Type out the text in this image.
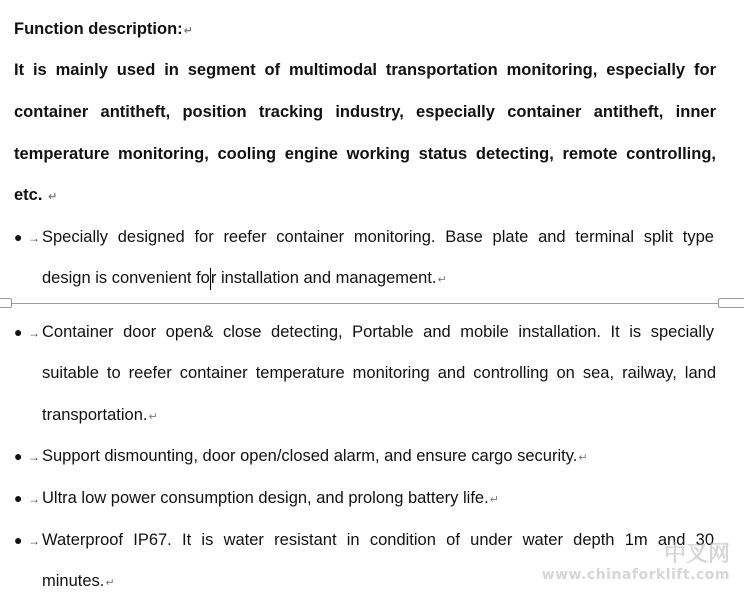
Function description:↵
It is mainly used in segment of multimodal transportation monitoring, especially for
container antitheft, position tracking industry, especially container antitheft, inner
temperature monitoring, cooling engine working status detecting, remote controlling,
etc. ↵
● → Specially designed for reefer container monitoring. Base plate and terminal split type
design is convenient for installation and management.↵
● → Container door open& close detecting, Portable and mobile installation. It is specially
suitable to reefer container temperature monitoring and controlling on sea, railway, land
transportation.↵
● → Support dismounting, door open/closed alarm, and ensure cargo security.↵
● → Ultra low power consumption design, and prolong battery life.↵
● → Waterproof IP67. It is water resistant in condition of under water depth 1m and 30
minutes.↵
中叉网
www.chinaforklift.com
